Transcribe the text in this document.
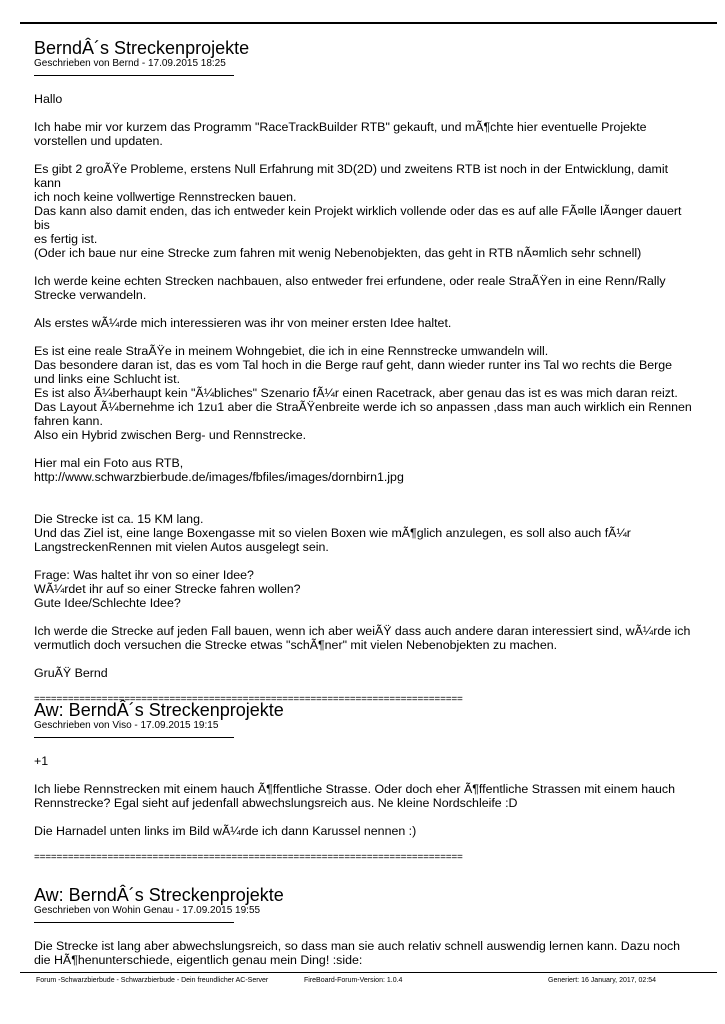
BerndÂ´s Streckenprojekte
Geschrieben von Bernd - 17.09.2015 18:25

Hallo

Ich habe mir vor kurzem das Programm "RaceTrackBuilder RTB" gekauft, und mÃ¶chte hier eventuelle Projekte
vorstellen und updaten.

Es gibt 2 groÃŸe Probleme, erstens Null Erfahrung mit 3D(2D) und zweitens RTB ist noch in der Entwicklung, damit kann
ich noch keine vollwertige Rennstrecken bauen.
Das kann also damit enden, das ich entweder kein Projekt wirklich vollende oder das es auf alle FÃ¤lle lÃ¤nger dauert bis
es fertig ist.
(Oder ich baue nur eine Strecke zum fahren mit wenig Nebenobjekten, das geht in RTB nÃ¤mlich sehr schnell)

Ich werde keine echten Strecken nachbauen, also entweder frei erfundene, oder reale StraÃŸen in eine Renn/Rally
Strecke verwandeln.

Als erstes wÃ¼rde mich interessieren was ihr von meiner ersten Idee haltet.

Es ist eine reale StraÃŸe in meinem Wohngebiet, die ich in eine Rennstrecke umwandeln will.
Das besondere daran ist, das es vom Tal hoch in die Berge rauf geht, dann wieder runter ins Tal wo rechts die Berge
und links eine Schlucht ist.
Es ist also Ã¼berhaupt kein "Ã¼bliches" Szenario fÃ¼r einen Racetrack, aber genau das ist es was mich daran reizt.
Das Layout Ã¼bernehme ich 1zu1 aber die StraÃŸenbreite werde ich so anpassen ,dass man auch wirklich ein Rennen
fahren kann.
Also ein Hybrid zwischen Berg- und Rennstrecke.

Hier mal ein Foto aus RTB,
http://www.schwarzbierbude.de/images/fbfiles/images/dornbirn1.jpg

Die Strecke ist ca. 15 KM lang.
Und das Ziel ist, eine lange Boxengasse mit so vielen Boxen wie mÃ¶glich anzulegen, es soll also auch fÃ¼r
LangstreckenRennen mit vielen Autos ausgelegt sein.

Frage: Was haltet ihr von so einer Idee?
WÃ¼rdet ihr auf so einer Strecke fahren wollen?
Gute Idee/Schlechte Idee?

Ich werde die Strecke auf jeden Fall bauen, wenn ich aber weiÃŸ dass auch andere daran interessiert sind, wÃ¼rde ich
vermutlich doch versuchen die Strecke etwas "schÃ¶ner" mit vielen Nebenobjekten zu machen.

GruÃŸ Bernd

============================================================================
Aw: BerndÂ´s Streckenprojekte
Geschrieben von Viso - 17.09.2015 19:15

+1

Ich liebe Rennstrecken mit einem hauch Ã¶ffentliche Strasse. Oder doch eher Ã¶ffentliche Strassen mit einem hauch
Rennstrecke? Egal sieht auf jedenfall abwechslungsreich aus. Ne kleine Nordschleife :D

Die Harnadel unten links im Bild wÃ¼rde ich dann Karussel nennen :)

============================================================================
Aw: BerndÂ´s Streckenprojekte
Geschrieben von Wohin Genau - 17.09.2015 19:55

Die Strecke ist lang aber abwechslungsreich, so dass man sie auch relativ schnell auswendig lernen kann. Dazu noch
die HÃ¶henunterschiede, eigentlich genau mein Ding! :side:

Forum -Schwarzbierbude - Schwarzbierbude - Dein freundlicher AC-Server	FireBoard-Forum-Version: 1.0.4	Generiert: 16 January, 2017, 02:54
